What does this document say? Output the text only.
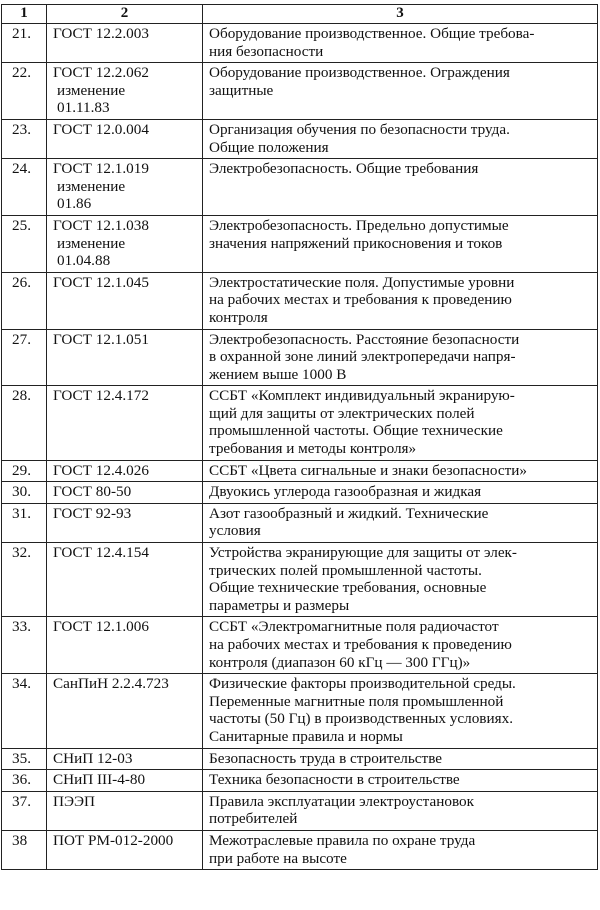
1	2	3
21.	ГОСТ 12.2.003	Оборудование производственное. Общие требова-
ния безопасности

22.	ГОСТ 12.2.062
изменение
01.11.83	Оборудование производственное. Ограждения
защитные

23.	ГОСТ 12.0.004	Организация обучения по безопасности труда.
Общие положения

24.	ГОСТ 12.1.019
изменение
01.86	Электробезопасность. Общие требования

25.	ГОСТ 12.1.038
изменение
01.04.88	Электробезопасность. Предельно допустимые
значения напряжений прикосновения и токов

26.	ГОСТ 12.1.045	Электростатические поля. Допустимые уровни
на рабочих местах и требования к проведению
контроля

27.	ГОСТ 12.1.051	Электробезопасность. Расстояние безопасности
в охранной зоне линий электропередачи напря-
жением выше 1000 В

28.	ГОСТ 12.4.172	ССБТ «Комплект индивидуальный экранирую-
щий для защиты от электрических полей
промышленной частоты. Общие технические
требования и методы контроля»

29.	ГОСТ 12.4.026	ССБТ «Цвета сигнальные и знаки безопасности»

30.	ГОСТ 80-50	Двуокись углерода газообразная и жидкая

31.	ГОСТ 92-93	Азот газообразный и жидкий. Технические
условия

32.	ГОСТ 12.4.154	Устройства экранирующие для защиты от элек-
трических полей промышленной частоты.
Общие технические требования, основные
параметры и размеры

33.	ГОСТ 12.1.006	ССБТ «Электромагнитные поля радиочастот
на рабочих местах и требования к проведению
контроля (диапазон 60 кГц — 300 ГГц)»

34.	СанПиН 2.2.4.723	Физические факторы производительной среды.
Переменные магнитные поля промышленной
частоты (50 Гц) в производственных условиях.
Санитарные правила и нормы

35.	СНиП 12-03	Безопасность труда в строительстве

36.	СНиП III-4-80	Техника безопасности в строительстве

37.	ПЭЭП	Правила эксплуатации электроустановок
потребителей

38	ПОТ РМ-012-2000	Межотраслевые правила по охране труда
при работе на высоте
